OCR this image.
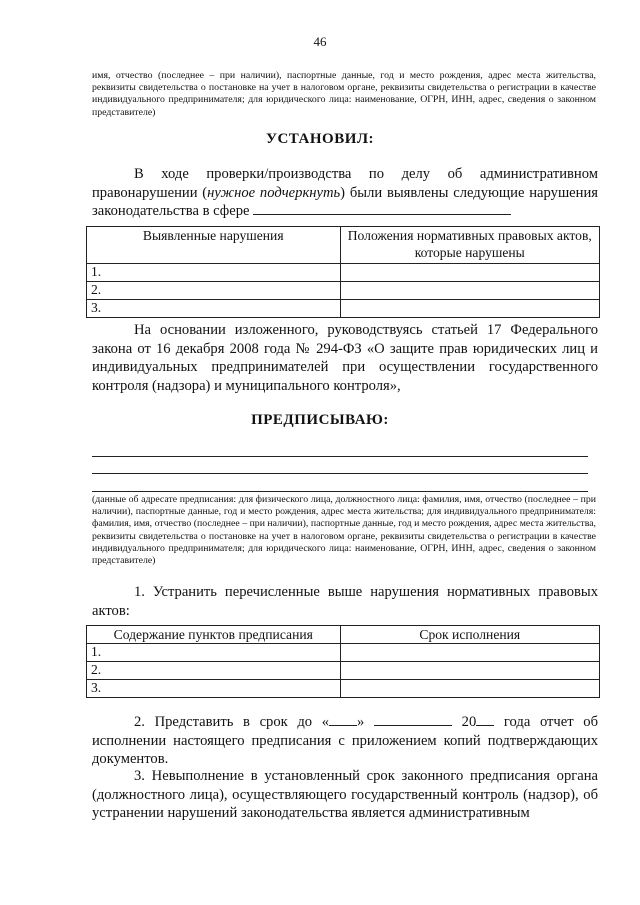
46
имя, отчество (последнее – при наличии), паспортные данные, год и место рождения, адрес места жительства, реквизиты свидетельства о постановке на учет в налоговом органе, реквизиты свидетельства о регистрации в качестве индивидуального предпринимателя; для юридического лица: наименование, ОГРН, ИНН, адрес, сведения о законном представителе)
УСТАНОВИЛ:
В ходе проверки/производства по делу об административном правонарушении (нужное подчеркнуть) были выявлены следующие нарушения законодательства в сфере
Выявленные нарушения	Положения нормативных правовых актов, которые нарушены
1.	
2.	
3.	
На основании изложенного, руководствуясь статьей 17 Федерального закона от 16 декабря 2008 года № 294-ФЗ «О защите прав юридических лиц и индивидуальных предпринимателей при осуществлении государственного контроля (надзора) и муниципального контроля»,
ПРЕДПИСЫВАЮ:
(данные об адресате предписания: для физического лица, должностного лица: фамилия, имя, отчество (последнее – при наличии), паспортные данные, год и место рождения, адрес места жительства; для индивидуального предпринимателя: фамилия, имя, отчество (последнее – при наличии), паспортные данные, год и место рождения, адрес места жительства, реквизиты свидетельства о постановке на учет в налоговом органе, реквизиты свидетельства о регистрации в качестве индивидуального предпринимателя; для юридического лица: наименование, ОГРН, ИНН, адрес, сведения о законном представителе)
1. Устранить перечисленные выше нарушения нормативных правовых актов:
Содержание пунктов предписания	Срок исполнения
1.	
2.	
3.	
2. Представить в срок до « »	20 года отчет об исполнении настоящего предписания с приложением копий подтверждающих документов.
3. Невыполнение в установленный срок законного предписания органа (должностного лица), осуществляющего государственный контроль (надзор), об устранении нарушений законодательства является административным
